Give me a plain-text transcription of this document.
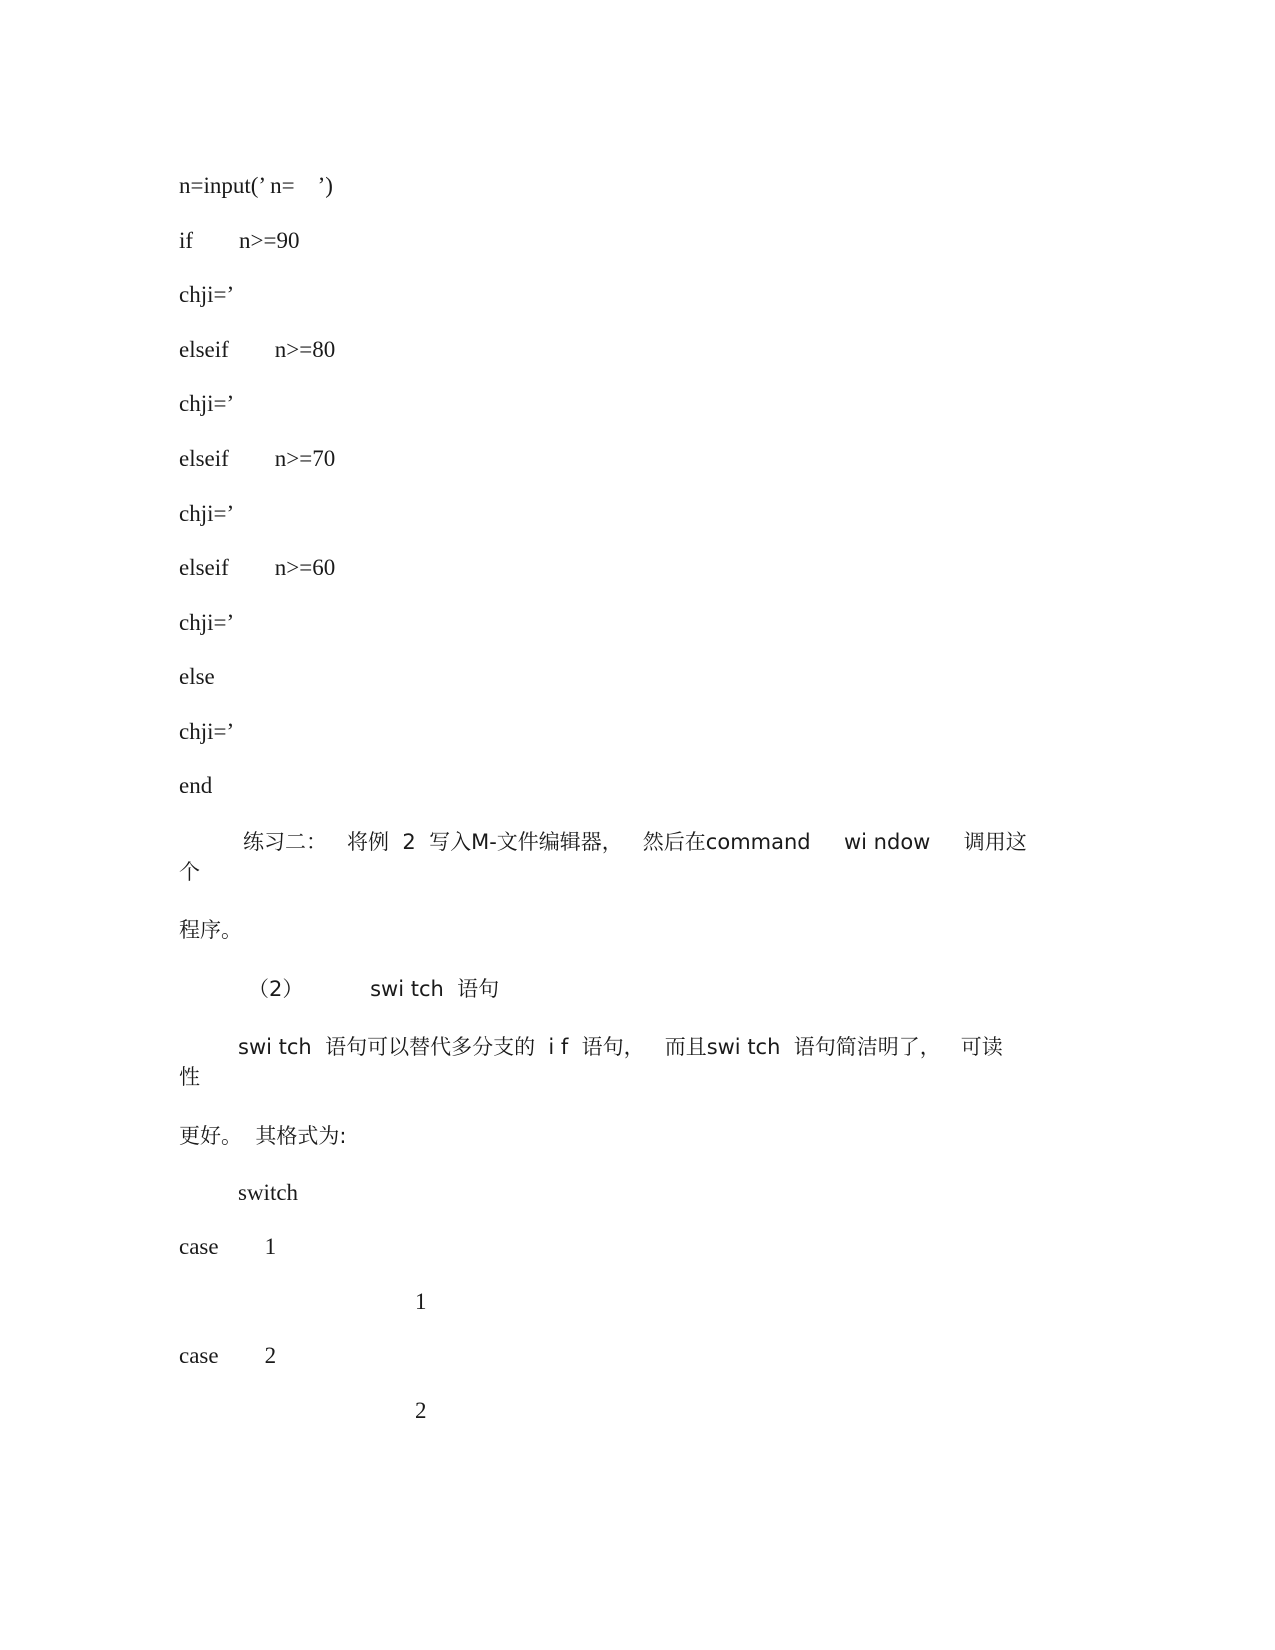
n=input(’ n=    ’)
if        n>=90
chji=’
elseif        n>=80
chji=’
elseif        n>=70
chji=’
elseif        n>=60
chji=’
else
chji=’
end
练习二：   将例  2  写入M-文件编辑器，   然后在command     wi ndow     调用这
个
程序。
（2）          swi tch  语句
swi tch  语句可以替代多分支的  i f  语句，   而且swi tch  语句简洁明了，   可读
性
更好。  其格式为:
switch
case        1
1
case        2
2
